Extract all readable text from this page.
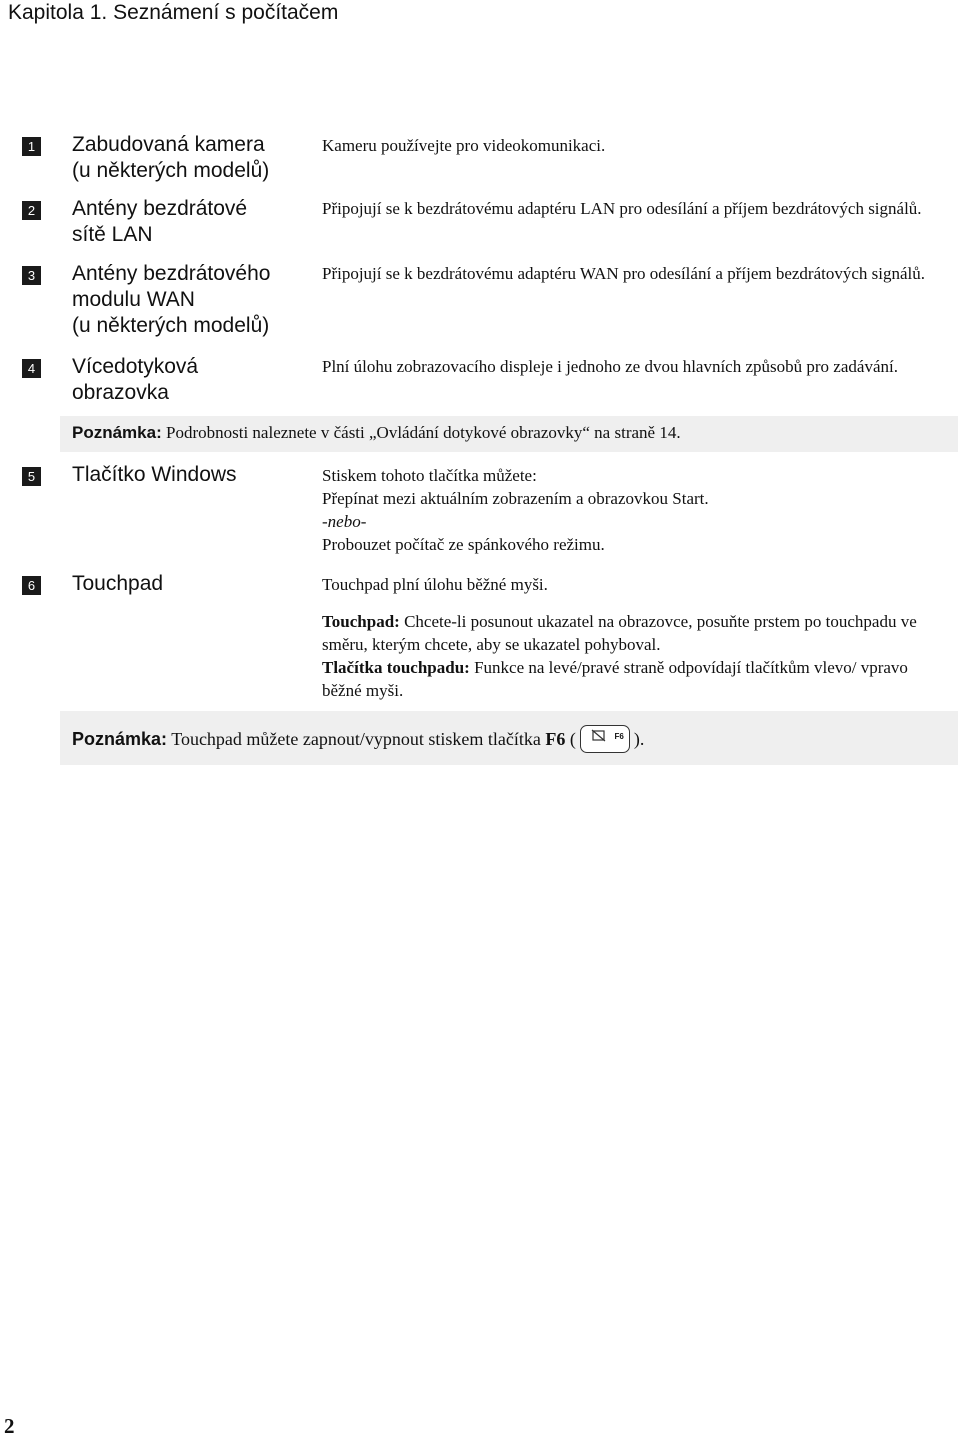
Kapitola 1. Seznámení s počítačem
1 Zabudovaná kamera
(u některých modelů)
Kameru používejte pro videokomunikaci.
2 Antény bezdrátové
sítě LAN
Připojují se k bezdrátovému adaptéru LAN pro odesílání a příjem bezdrátových signálů.
3 Antény bezdrátového
modulu WAN
(u některých modelů)
Připojují se k bezdrátovému adaptéru WAN pro odesílání a příjem bezdrátových signálů.
4 Vícedotyková
obrazovka
Plní úlohu zobrazovacího displeje i jednoho ze dvou hlavních způsobů pro zadávání.
Poznámka: Podrobnosti naleznete v části „Ovládání dotykové obrazovky“ na straně 14.
5 Tlačítko Windows	Stiskem tohoto tlačítka můžete:
Přepínat mezi aktuálním zobrazením a obrazovkou Start.
-nebo-
Probouzet počítač ze spánkového režimu.
6 Touchpad	Touchpad plní úlohu běžné myši.
Touchpad: Chcete-li posunout ukazatel na obrazovce, posuňte prstem po touchpadu ve směru, kterým chcete, aby se ukazatel pohyboval.
Tlačítka touchpadu: Funkce na levé/pravé straně odpovídají tlačítkům vlevo/ vpravo běžné myši.
Poznámka: Touchpad můžete zapnout/vypnout stiskem tlačítka F6 (	F6 ).
2
